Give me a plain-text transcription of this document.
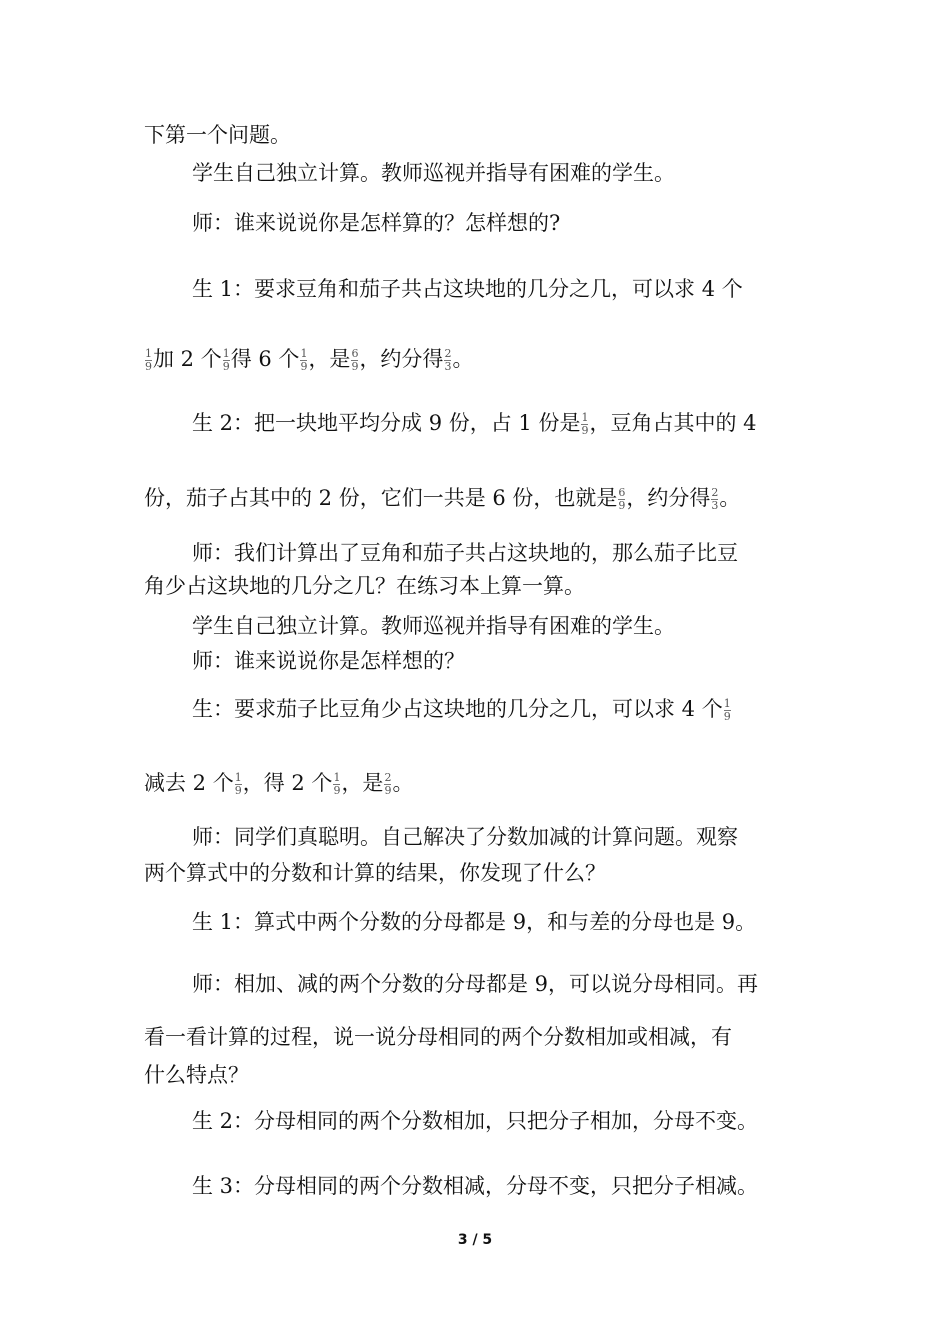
下第一个问题。
学生自己独立计算。教师巡视并指导有困难的学生。
师：谁来说说你是怎样算的？怎样想的?
生 1：要求豆角和茄子共占这块地的几分之几，可以求 4 个
$\frac{1}{9}$ 加 2 个 $\frac{1}{9}$ 得 6 个 $\frac{1}{9}$ ，是 $\frac{6}{9}$ ，约分得 $\frac{2}{3}$ 。
生 2：把一块地平均分成 9 份，占 1 份是 $\frac{1}{9}$ ，豆角占其中的 4
份，茄子占其中的 2 份，它们一共是 6 份，也就是 $\frac{6}{9}$ ，约分得 $\frac{2}{3}$ 。
师：我们计算出了豆角和茄子共占这块地的，那么茄子比豆
角少占这块地的几分之几？在练习本上算一算。
学生自己独立计算。教师巡视并指导有困难的学生。
师：谁来说说你是怎样想的？
生：要求茄子比豆角少占这块地的几分之几，可以求 4 个 $\frac{1}{9}$
减去 2 个 $\frac{1}{9}$ ，得 2 个 $\frac{1}{9}$ ，是 $\frac{2}{9}$ 。
师：同学们真聪明。自己解决了分数加减的计算问题。观察
两个算式中的分数和计算的结果，你发现了什么？
生 1：算式中两个分数的分母都是 9，和与差的分母也是 9。
师：相加、减的两个分数的分母都是 9，可以说分母相同。再
看一看计算的过程，说一说分母相同的两个分数相加或相减，有
什么特点？
生 2：分母相同的两个分数相加，只把分子相加，分母不变。
生 3：分母相同的两个分数相减，分母不变，只把分子相减。
3 / 5
